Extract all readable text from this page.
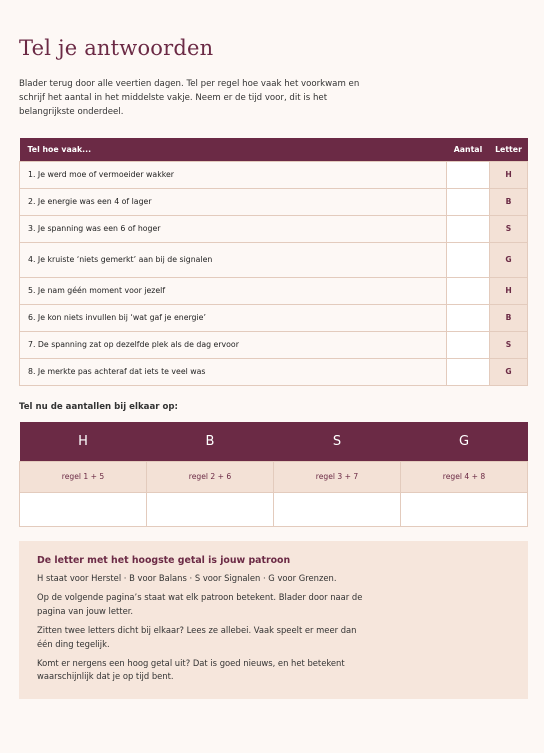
Tel je antwoorden

Blader terug door alle veertien dagen. Tel per regel hoe vaak het voorkwam en schrijf het aantal in het middelste vakje. Neem er de tijd voor, dit is het belangrijkste onderdeel.

Tel hoe vaak...	Aantal	Letter
1. Je werd moe of vermoeider wakker		H
2. Je energie was een 4 of lager		B
3. Je spanning was een 6 of hoger		S
4. Je kruiste ‘niets gemerkt’ aan bij de signalen		G
5. Je nam géén moment voor jezelf		H
6. Je kon niets invullen bij ‘wat gaf je energie’		B
7. De spanning zat op dezelfde plek als de dag ervoor		S
8. Je merkte pas achteraf dat iets te veel was		G
Tel nu de aantallen bij elkaar op:
H	B	S	G
regel 1 + 5	regel 2 + 6	regel 3 + 7	regel 4 + 8

De letter met het hoogste getal is jouw patroon

H staat voor Herstel · B voor Balans · S voor Signalen · G voor Grenzen.

Op de volgende pagina’s staat wat elk patroon betekent. Blader door naar de pagina van jouw letter.

Zitten twee letters dicht bij elkaar? Lees ze allebei. Vaak speelt er meer dan één ding tegelijk.

Komt er nergens een hoog getal uit? Dat is goed nieuws, en het betekent waarschijnlijk dat je op tijd bent.
